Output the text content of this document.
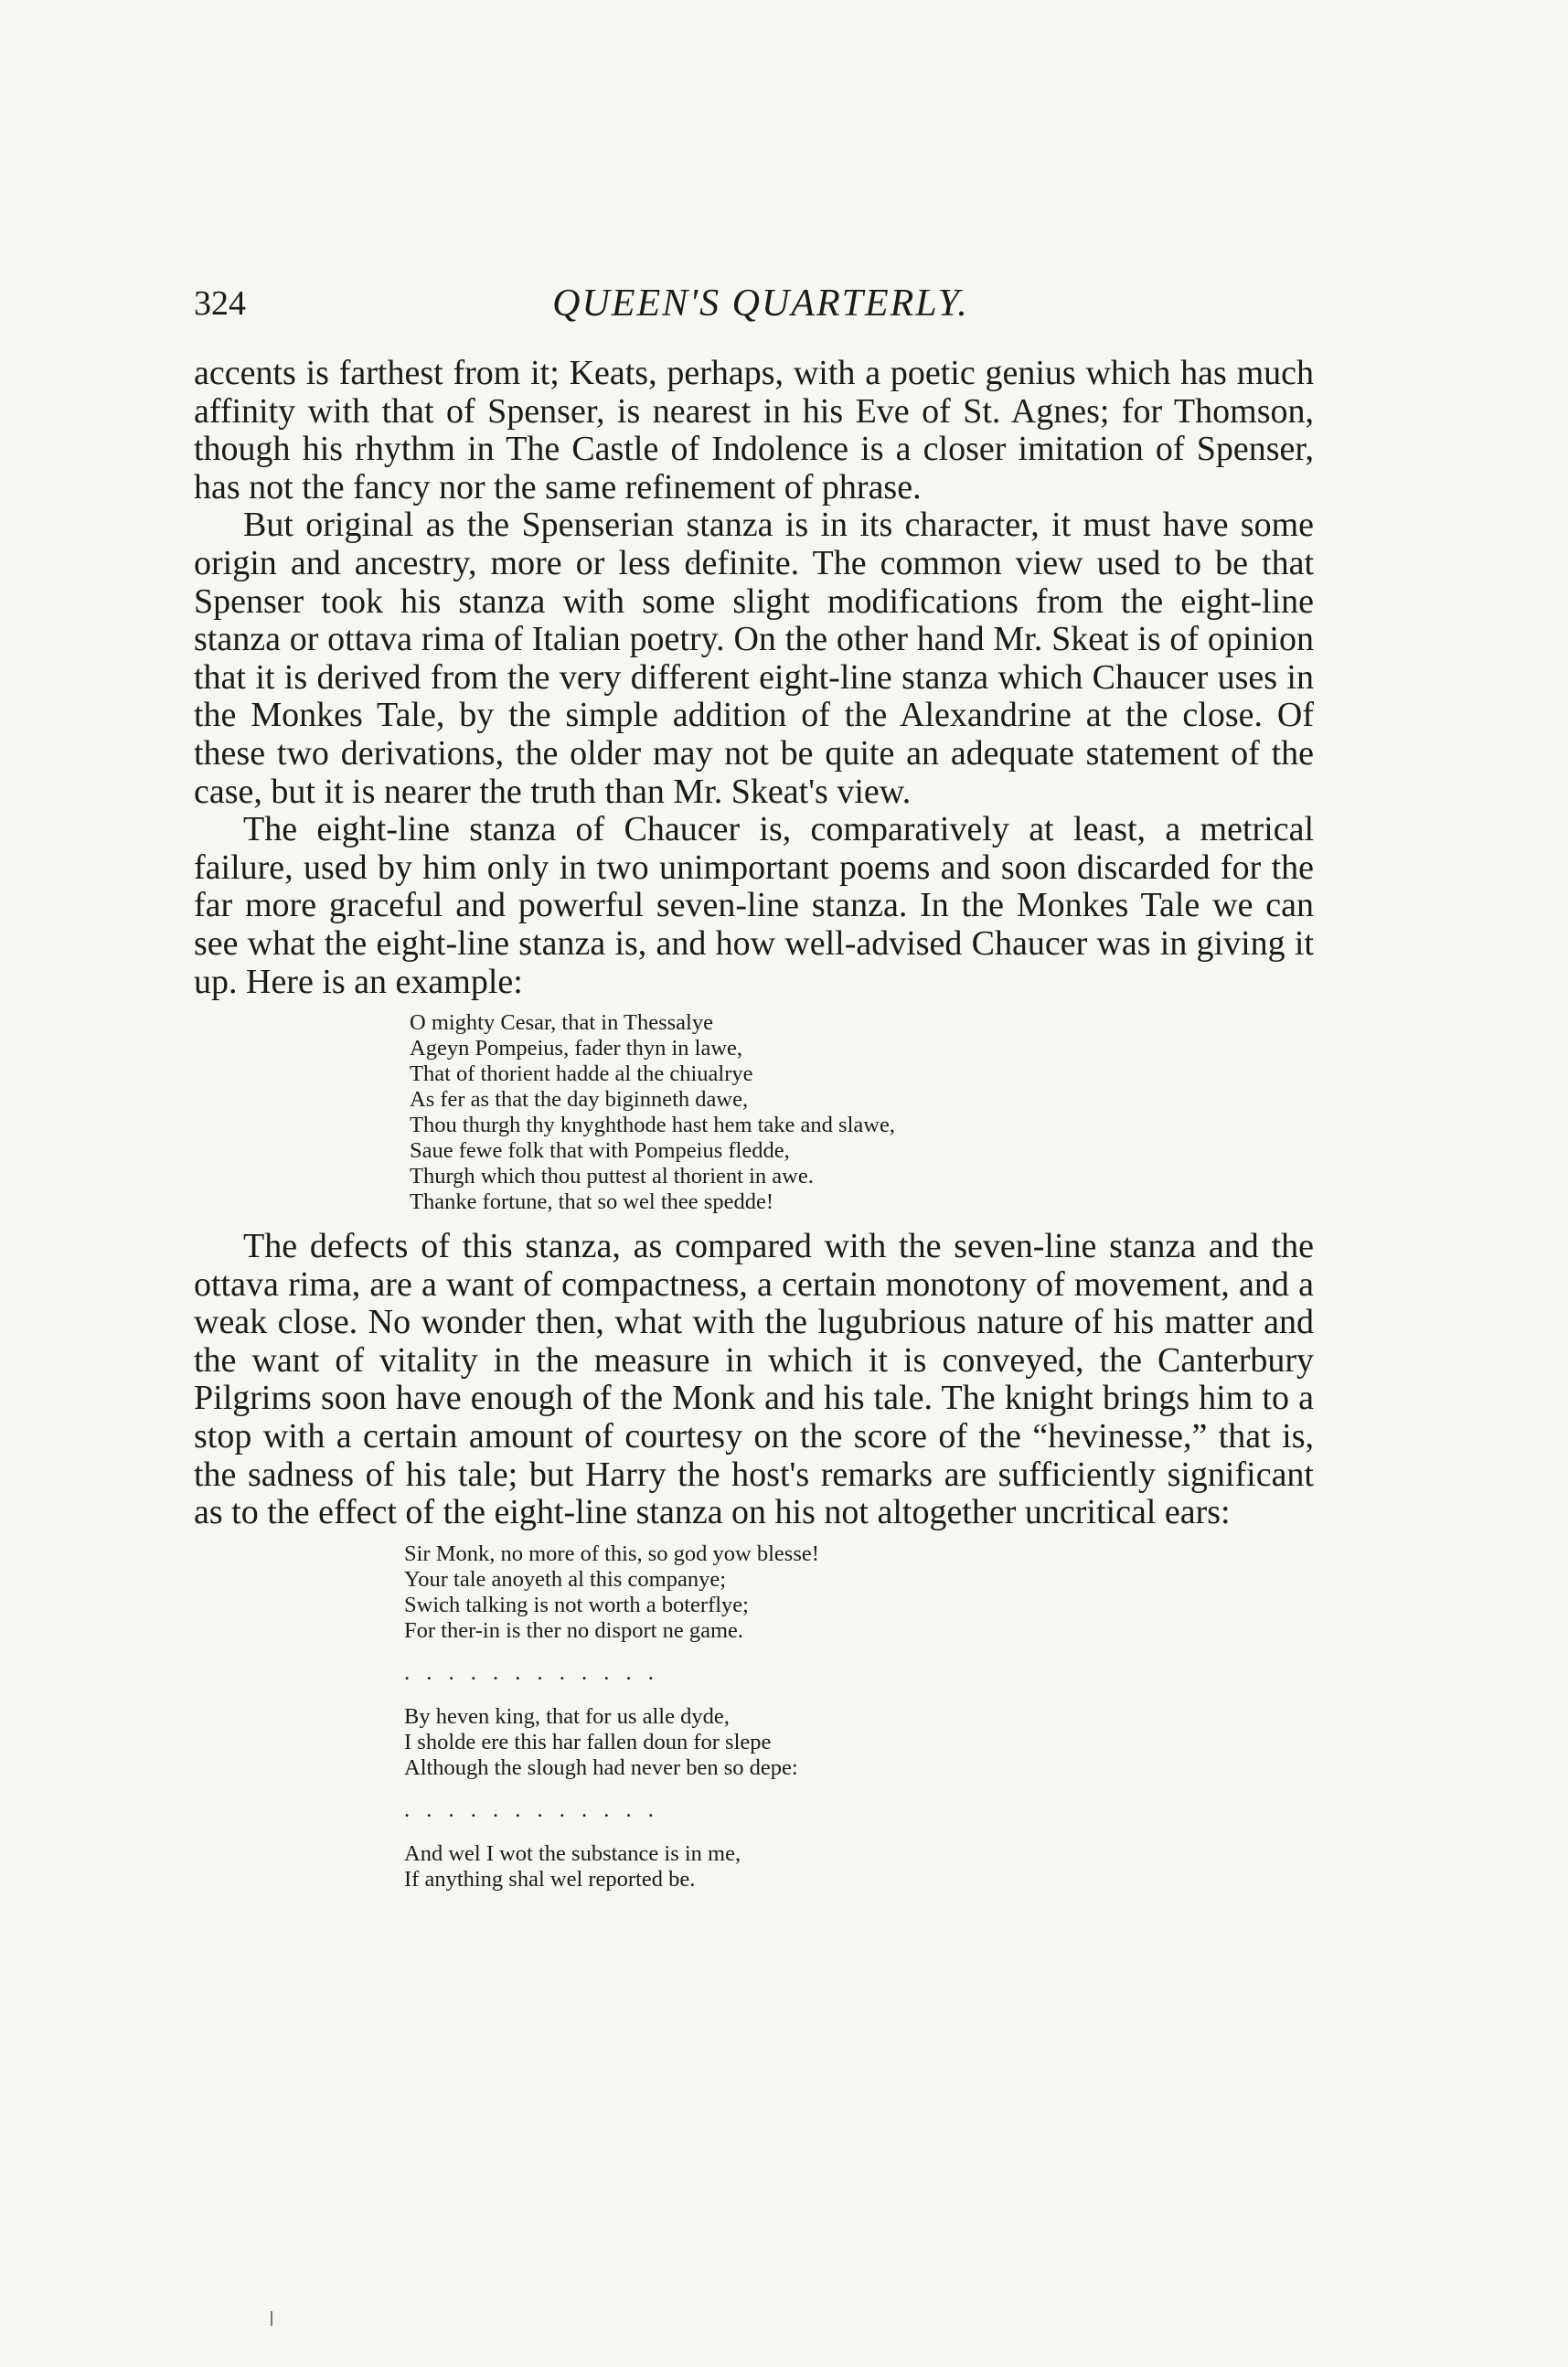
324	QUEEN'S QUARTERLY.

accents is farthest from it; Keats, perhaps, with a poetic genius which has much affinity with that of Spenser, is nearest in his Eve of St. Agnes; for Thomson, though his rhythm in The Castle of Indolence is a closer imitation of Spenser, has not the fancy nor the same refinement of phrase.

But original as the Spenserian stanza is in its character, it must have some origin and ancestry, more or less definite. The common view used to be that Spenser took his stanza with some slight modifications from the eight-line stanza or ottava rima of Italian poetry. On the other hand Mr. Skeat is of opinion that it is derived from the very different eight-line stanza which Chaucer uses in the Monkes Tale, by the simple addition of the Alexandrine at the close. Of these two derivations, the older may not be quite an adequate statement of the case, but it is nearer the truth than Mr. Skeat's view.

The eight-line stanza of Chaucer is, comparatively at least, a metrical failure, used by him only in two unimportant poems and soon discarded for the far more graceful and powerful seven-line stanza. In the Monkes Tale we can see what the eight-line stanza is, and how well-advised Chaucer was in giving it up. Here is an example:

O mighty Cesar, that in Thessalye
Ageyn Pompeius, fader thyn in lawe,
That of thorient hadde al the chiualrye
As fer as that the day biginneth dawe,
Thou thurgh thy knyghthode hast hem take and slawe,
Saue fewe folk that with Pompeius fledde,
Thurgh which thou puttest al thorient in awe.
Thanke fortune, that so wel thee spedde!

The defects of this stanza, as compared with the seven-line stanza and the ottava rima, are a want of compactness, a certain monotony of movement, and a weak close. No wonder then, what with the lugubrious nature of his matter and the want of vitality in the measure in which it is conveyed, the Canterbury Pilgrims soon have enough of the Monk and his tale. The knight brings him to a stop with a certain amount of courtesy on the score of the “hevinesse,” that is, the sadness of his tale; but Harry the host's remarks are sufficiently significant as to the effect of the eight-line stanza on his not altogether uncritical ears:

Sir Monk, no more of this, so god yow blesse!
Your tale anoyeth al this companye;
Swich talking is not worth a boterflye;
For ther-in is ther no disport ne game.
. . . . . . . . . . . .
By heven king, that for us alle dyde,
I sholde ere this har fallen doun for slepe
Although the slough had never ben so depe:
. . . . . . . . . . . .
And wel I wot the substance is in me,
If anything shal wel reported be.
